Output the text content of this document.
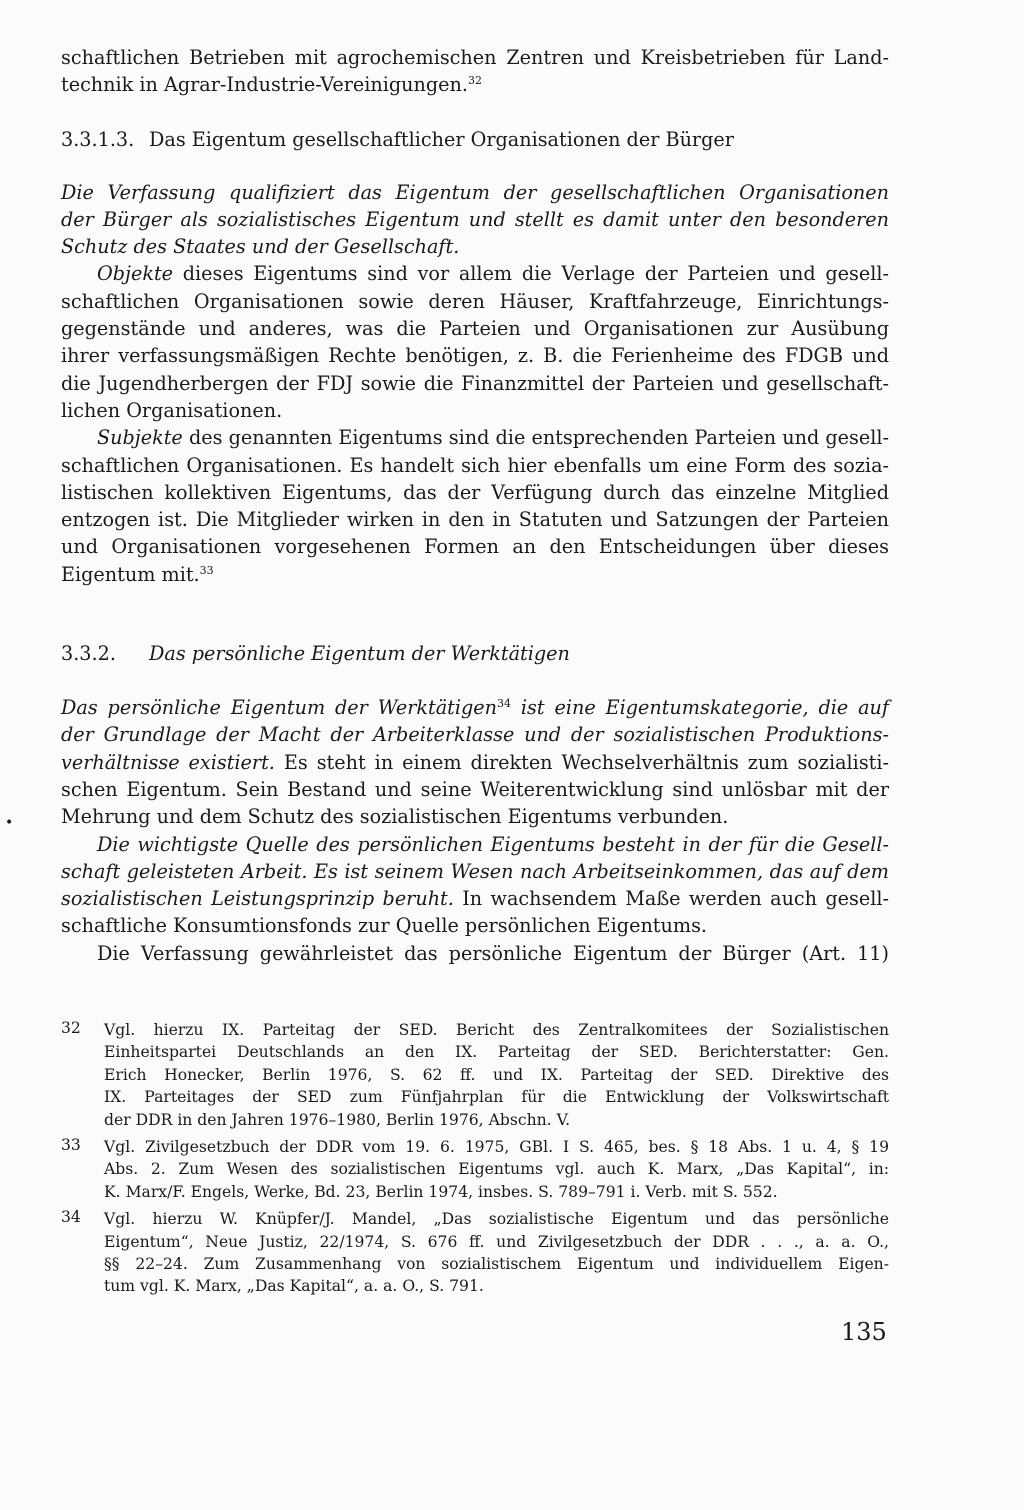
schaftlichen Betrieben mit agrochemischen Zentren und Kreisbetrieben für Land-
technik in Agrar-Industrie-Vereinigungen.$^{32}$
3.3.1.3. Das Eigentum gesellschaftlicher Organisationen der Bürger
Die Verfassung qualifiziert das Eigentum der gesellschaftlichen Organisationen
der Bürger als sozialistisches Eigentum und stellt es damit unter den besonderen
Schutz des Staates und der Gesellschaft.
Objekte dieses Eigentums sind vor allem die Verlage der Parteien und gesell-
schaftlichen Organisationen sowie deren Häuser, Kraftfahrzeuge, Einrichtungs-
gegenstände und anderes, was die Parteien und Organisationen zur Ausübung
ihrer verfassungsmäßigen Rechte benötigen, z. B. die Ferienheime des FDGB und
die Jugendherbergen der FDJ sowie die Finanzmittel der Parteien und gesellschaft-
lichen Organisationen.
Subjekte des genannten Eigentums sind die entsprechenden Parteien und gesell-
schaftlichen Organisationen. Es handelt sich hier ebenfalls um eine Form des sozia-
listischen kollektiven Eigentums, das der Verfügung durch das einzelne Mitglied
entzogen ist. Die Mitglieder wirken in den in Statuten und Satzungen der Parteien
und Organisationen vorgesehenen Formen an den Entscheidungen über dieses
Eigentum mit.$^{33}$
3.3.2. Das persönliche Eigentum der Werktätigen
Das persönliche Eigentum der Werktätigen$^{34}$ ist eine Eigentumskategorie, die auf
der Grundlage der Macht der Arbeiterklasse und der sozialistischen Produktions-
verhältnisse existiert. Es steht in einem direkten Wechselverhältnis zum sozialisti-
schen Eigentum. Sein Bestand und seine Weiterentwicklung sind unlösbar mit der
Mehrung und dem Schutz des sozialistischen Eigentums verbunden.
Die wichtigste Quelle des persönlichen Eigentums besteht in der für die Gesell-
schaft geleisteten Arbeit. Es ist seinem Wesen nach Arbeitseinkommen, das auf dem
sozialistischen Leistungsprinzip beruht. In wachsendem Maße werden auch gesell-
schaftliche Konsumtionsfonds zur Quelle persönlichen Eigentums.
Die Verfassung gewährleistet das persönliche Eigentum der Bürger (Art. 11)
32 Vgl. hierzu IX. Parteitag der SED. Bericht des Zentralkomitees der Sozialistischen
Einheitspartei Deutschlands an den IX. Parteitag der SED. Berichterstatter: Gen.
Erich Honecker, Berlin 1976, S. 62 ff. und IX. Parteitag der SED. Direktive des
IX. Parteitages der SED zum Fünfjahrplan für die Entwicklung der Volkswirtschaft
der DDR in den Jahren 1976–1980, Berlin 1976, Abschn. V.
33 Vgl. Zivilgesetzbuch der DDR vom 19. 6. 1975, GBl. I S. 465, bes. § 18 Abs. 1 u. 4, § 19
Abs. 2. Zum Wesen des sozialistischen Eigentums vgl. auch K. Marx, „Das Kapital“, in:
K. Marx/F. Engels, Werke, Bd. 23, Berlin 1974, insbes. S. 789–791 i. Verb. mit S. 552.
34 Vgl. hierzu W. Knüpfer/J. Mandel, „Das sozialistische Eigentum und das persönliche
Eigentum“, Neue Justiz, 22/1974, S. 676 ff. und Zivilgesetzbuch der DDR . . ., a. a. O.,
§§ 22–24. Zum Zusammenhang von sozialistischem Eigentum und individuellem Eigen-
tum vgl. K. Marx, „Das Kapital“, a. a. O., S. 791.
135
•
